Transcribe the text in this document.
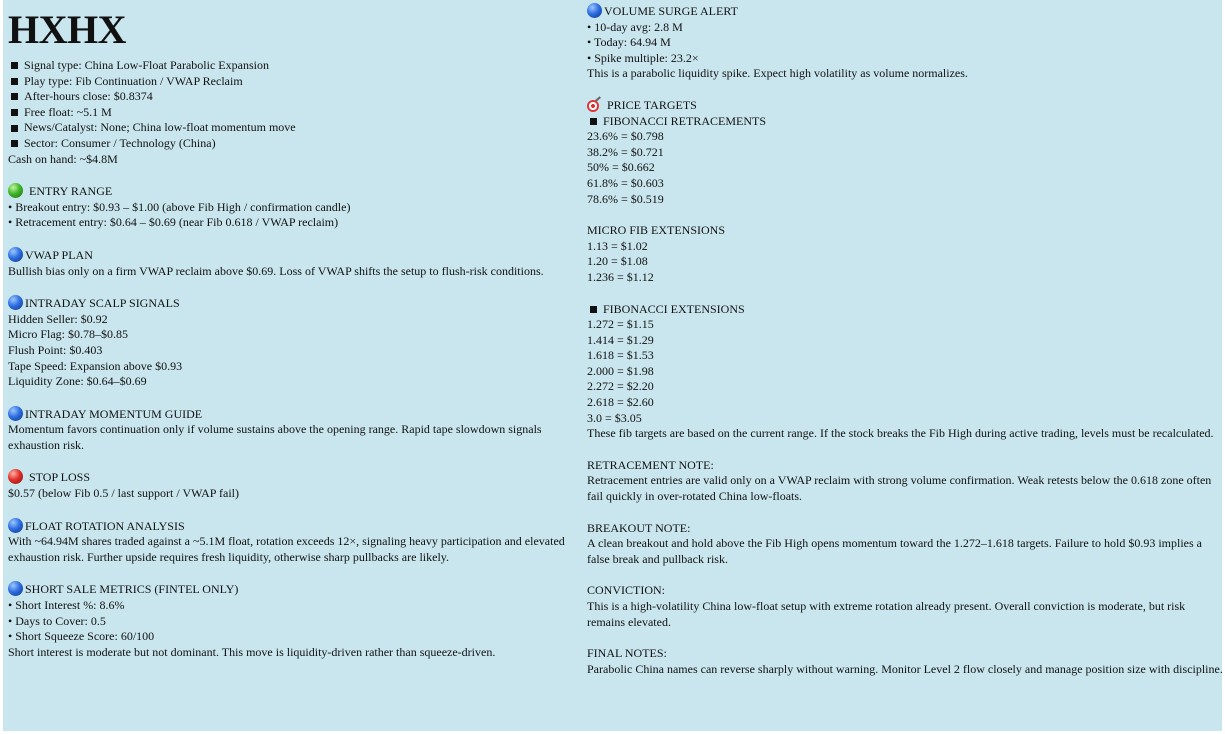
HXHX
Signal type: China Low-Float Parabolic Expansion
Play type: Fib Continuation / VWAP Reclaim
After-hours close: $0.8374
Free float: ~5.1 M
News/Catalyst: None; China low-float momentum move
Sector: Consumer / Technology (China)
Cash on hand: ~$4.8M
ENTRY RANGE
• Breakout entry: $0.93 – $1.00 (above Fib High / confirmation candle)
• Retracement entry: $0.64 – $0.69 (near Fib 0.618 / VWAP reclaim)
VWAP PLAN
Bullish bias only on a firm VWAP reclaim above $0.69. Loss of VWAP shifts the setup to flush-risk conditions.
INTRADAY SCALP SIGNALS
Hidden Seller: $0.92
Micro Flag: $0.78–$0.85
Flush Point: $0.403
Tape Speed: Expansion above $0.93
Liquidity Zone: $0.64–$0.69
INTRADAY MOMENTUM GUIDE
Momentum favors continuation only if volume sustains above the opening range. Rapid tape slowdown signals exhaustion risk.
STOP LOSS
$0.57 (below Fib 0.5 / last support / VWAP fail)
FLOAT ROTATION ANALYSIS
With ~64.94M shares traded against a ~5.1M float, rotation exceeds 12×, signaling heavy participation and elevated exhaustion risk. Further upside requires fresh liquidity, otherwise sharp pullbacks are likely.
SHORT SALE METRICS (FINTEL ONLY)
• Short Interest %: 8.6%
• Days to Cover: 0.5
• Short Squeeze Score: 60/100
Short interest is moderate but not dominant. This move is liquidity-driven rather than squeeze-driven.
VOLUME SURGE ALERT
• 10-day avg: 2.8 M
• Today: 64.94 M
• Spike multiple: 23.2×
This is a parabolic liquidity spike. Expect high volatility as volume normalizes.
PRICE TARGETS
FIBONACCI RETRACEMENTS
23.6% = $0.798
38.2% = $0.721
50% = $0.662
61.8% = $0.603
78.6% = $0.519
MICRO FIB EXTENSIONS
1.13 = $1.02
1.20 = $1.08
1.236 = $1.12
FIBONACCI EXTENSIONS
1.272 = $1.15
1.414 = $1.29
1.618 = $1.53
2.000 = $1.98
2.272 = $2.20
2.618 = $2.60
3.0 = $3.05
These fib targets are based on the current range. If the stock breaks the Fib High during active trading, levels must be recalculated.
RETRACEMENT NOTE:
Retracement entries are valid only on a VWAP reclaim with strong volume confirmation. Weak retests below the 0.618 zone often fail quickly in over-rotated China low-floats.
BREAKOUT NOTE:
A clean breakout and hold above the Fib High opens momentum toward the 1.272–1.618 targets. Failure to hold $0.93 implies a false break and pullback risk.
CONVICTION:
This is a high-volatility China low-float setup with extreme rotation already present. Overall conviction is moderate, but risk remains elevated.
FINAL NOTES:
Parabolic China names can reverse sharply without warning. Monitor Level 2 flow closely and manage position size with discipline.
